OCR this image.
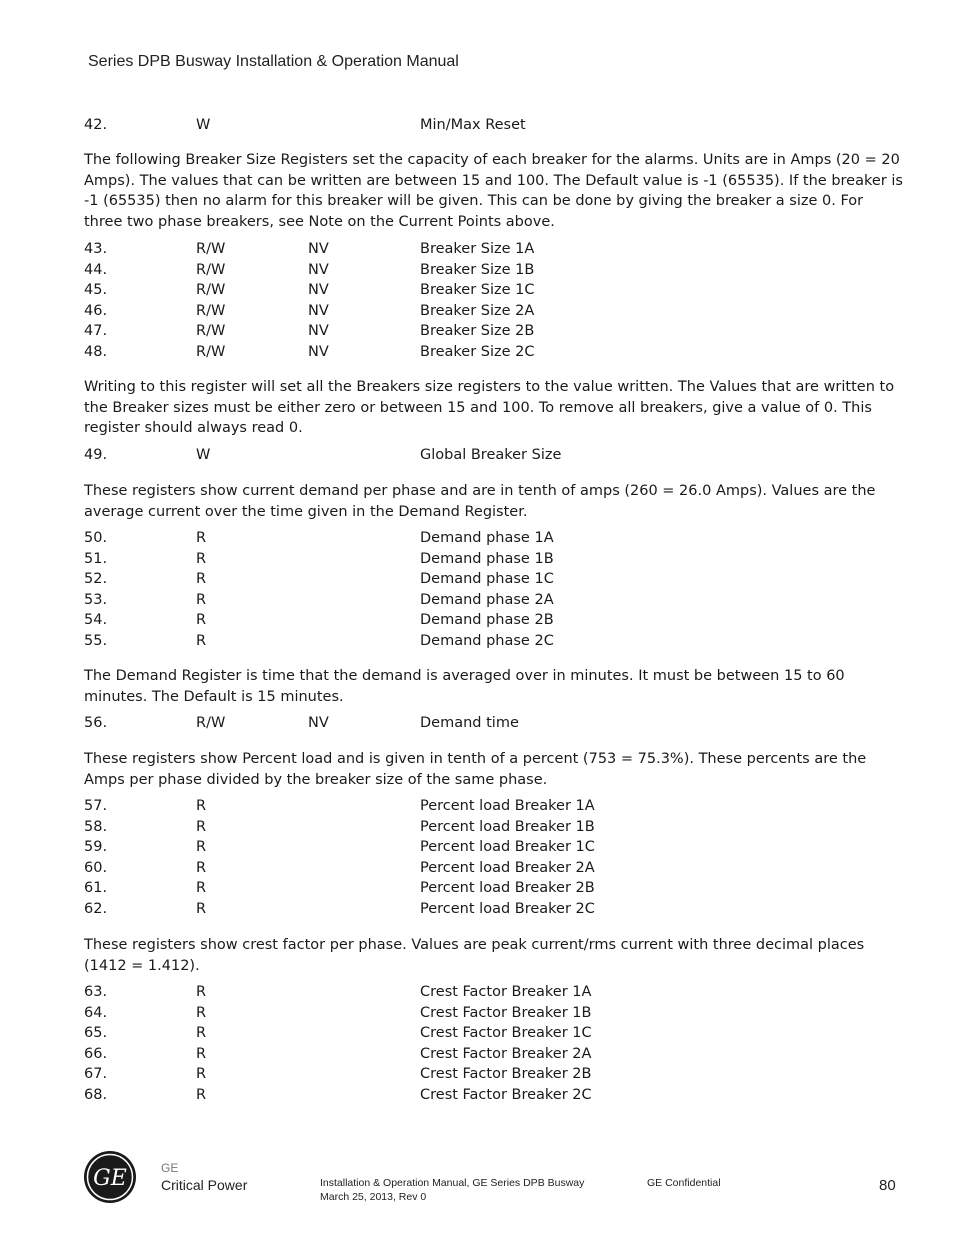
Series DPB Busway Installation & Operation Manual
42.	W	Min/Max Reset
The following Breaker Size Registers set the capacity of each breaker for the alarms. Units are in Amps (20 = 20 Amps). The values that can be written are between 15 and 100. The Default value is -1 (65535). If the breaker is -1 (65535) then no alarm for this breaker will be given. This can be done by giving the breaker a size 0. For three two phase breakers, see Note on the Current Points above.
43.	R/W	NV	Breaker Size 1A
44.	R/W	NV	Breaker Size 1B
45.	R/W	NV	Breaker Size 1C
46.	R/W	NV	Breaker Size 2A
47.	R/W	NV	Breaker Size 2B
48.	R/W	NV	Breaker Size 2C
Writing to this register will set all the Breakers size registers to the value written. The Values that are written to the Breaker sizes must be either zero or between 15 and 100. To remove all breakers, give a value of 0. This register should always read 0.
49.	W	Global Breaker Size
These registers show current demand per phase and are in tenth of amps (260 = 26.0 Amps). Values are the average current over the time given in the Demand Register.
50.	R	Demand phase 1A
51.	R	Demand phase 1B
52.	R	Demand phase 1C
53.	R	Demand phase 2A
54.	R	Demand phase 2B
55.	R	Demand phase 2C
The Demand Register is time that the demand is averaged over in minutes. It must be between 15 to 60 minutes. The Default is 15 minutes.
56.	R/W	NV	Demand time
These registers show Percent load and is given in tenth of a percent (753 = 75.3%). These percents are the Amps per phase divided by the breaker size of the same phase.
57.	R	Percent load Breaker 1A
58.	R	Percent load Breaker 1B
59.	R	Percent load Breaker 1C
60.	R	Percent load Breaker 2A
61.	R	Percent load Breaker 2B
62.	R	Percent load Breaker 2C
These registers show crest factor per phase. Values are peak current/rms current with three decimal places (1412 = 1.412).
63.	R	Crest Factor Breaker 1A
64.	R	Crest Factor Breaker 1B
65.	R	Crest Factor Breaker 1C
66.	R	Crest Factor Breaker 2A
67.	R	Crest Factor Breaker 2B
68.	R	Crest Factor Breaker 2C
GE	GE
Critical Power	Installation & Operation Manual, GE Series DPB Busway
March 25, 2013, Rev 0
GE Confidential	80
